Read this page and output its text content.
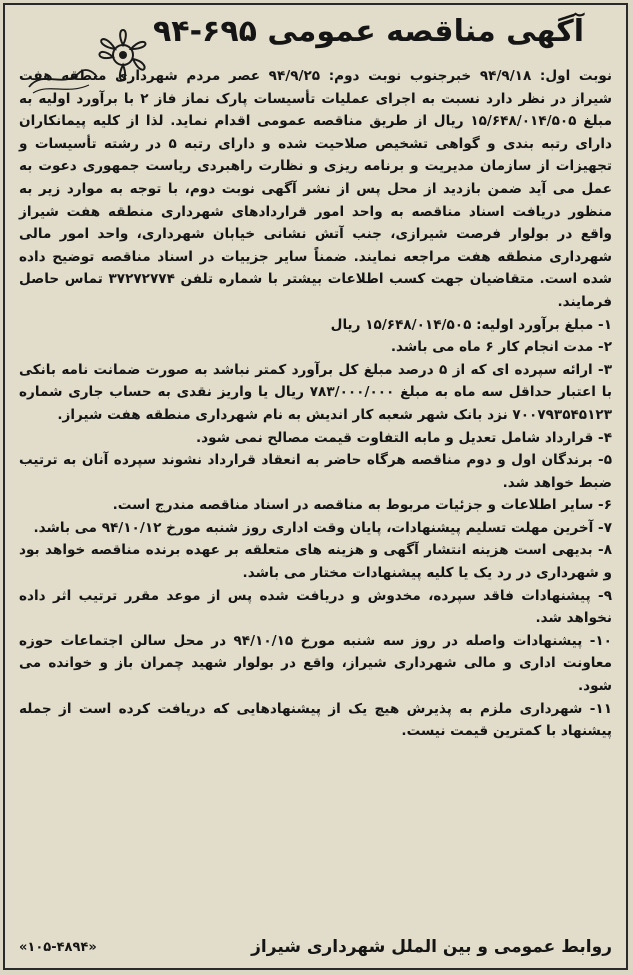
آگهی مناقصه عمومی ۶۹۵-۹۴

نوبت اول: ۹۴/۹/۱۸ خبرجنوب نوبت دوم: ۹۴/۹/۲۵ عصر مردم شهرداری منطقه هفت شیراز در نظر دارد نسبت به اجرای عملیات تأسیسات پارک نماز فاز ۲ با برآورد اولیه به مبلغ ۱۵/۶۴۸/۰۱۴/۵۰۵ ریال از طریق مناقصه عمومی اقدام نماید. لذا از کلیه پیمانکاران دارای رتبه بندی و گواهی تشخیص صلاحیت شده و دارای رتبه ۵ در رشته تأسیسات و تجهیزات از سازمان مدیریت و برنامه ریزی و نظارت راهبردی ریاست جمهوری دعوت به عمل می آید ضمن بازدید از محل پس از نشر آگهی نوبت دوم، با توجه به موارد زیر به منظور دریافت اسناد مناقصه به واحد امور قراردادهای شهرداری منطقه هفت شیراز واقع در بولوار فرصت شیرازی، جنب آتش نشانی خیابان شهرداری، واحد امور مالی شهرداری منطقه هفت مراجعه نمایند. ضمناً سایر جزییات در اسناد مناقصه توضیح داده شده است. متقاضیان جهت کسب اطلاعات بیشتر با شماره تلفن ۳۷۲۷۲۷۷۴ تماس حاصل فرمایند.

۱- مبلغ برآورد اولیه: ۱۵/۶۴۸/۰۱۴/۵۰۵ ریال

۲- مدت انجام کار ۶ ماه می باشد.

۳- ارائه سپرده ای که از ۵ درصد مبلغ کل برآورد کمتر نباشد به صورت ضمانت نامه بانکی با اعتبار حداقل سه ماه به مبلغ ۷۸۳/۰۰۰/۰۰۰ ریال یا واریز نقدی به حساب جاری شماره ۷۰۰۷۹۳۵۴۵۱۲۳ نزد بانک شهر شعبه کار اندیش به نام شهرداری منطقه هفت شیراز.

۴- قرارداد شامل تعدیل و مابه التفاوت قیمت مصالح نمی شود.

۵- برندگان اول و دوم مناقصه هرگاه حاضر به انعقاد قرارداد نشوند سپرده آنان به ترتیب ضبط خواهد شد.

۶- سایر اطلاعات و جزئیات مربوط به مناقصه در اسناد مناقصه مندرج است.

۷- آخرین مهلت تسلیم پیشنهادات، پایان وقت اداری روز شنبه مورخ ۹۴/۱۰/۱۲ می باشد.

۸- بدیهی است هزینه انتشار آگهی و هزینه های متعلقه بر عهده برنده مناقصه خواهد بود و شهرداری در رد یک یا کلیه پیشنهادات مختار می باشد.

۹- پیشنهادات فاقد سپرده، مخدوش و دریافت شده پس از موعد مقرر ترتیب اثر داده نخواهد شد.

۱۰- پیشنهادات واصله در روز سه شنبه مورخ ۹۴/۱۰/۱۵ در محل سالن اجتماعات حوزه معاونت اداری و مالی شهرداری شیراز، واقع در بولوار شهید چمران باز و خوانده می شود.

۱۱- شهرداری ملزم به پذیرش هیچ یک از پیشنهادهایی که دریافت کرده است از جمله پیشنهاد با کمترین قیمت نیست.

روابط عمومی و بین الملل شهرداری شیراز
«۱۰۵-۴۸۹۴»
